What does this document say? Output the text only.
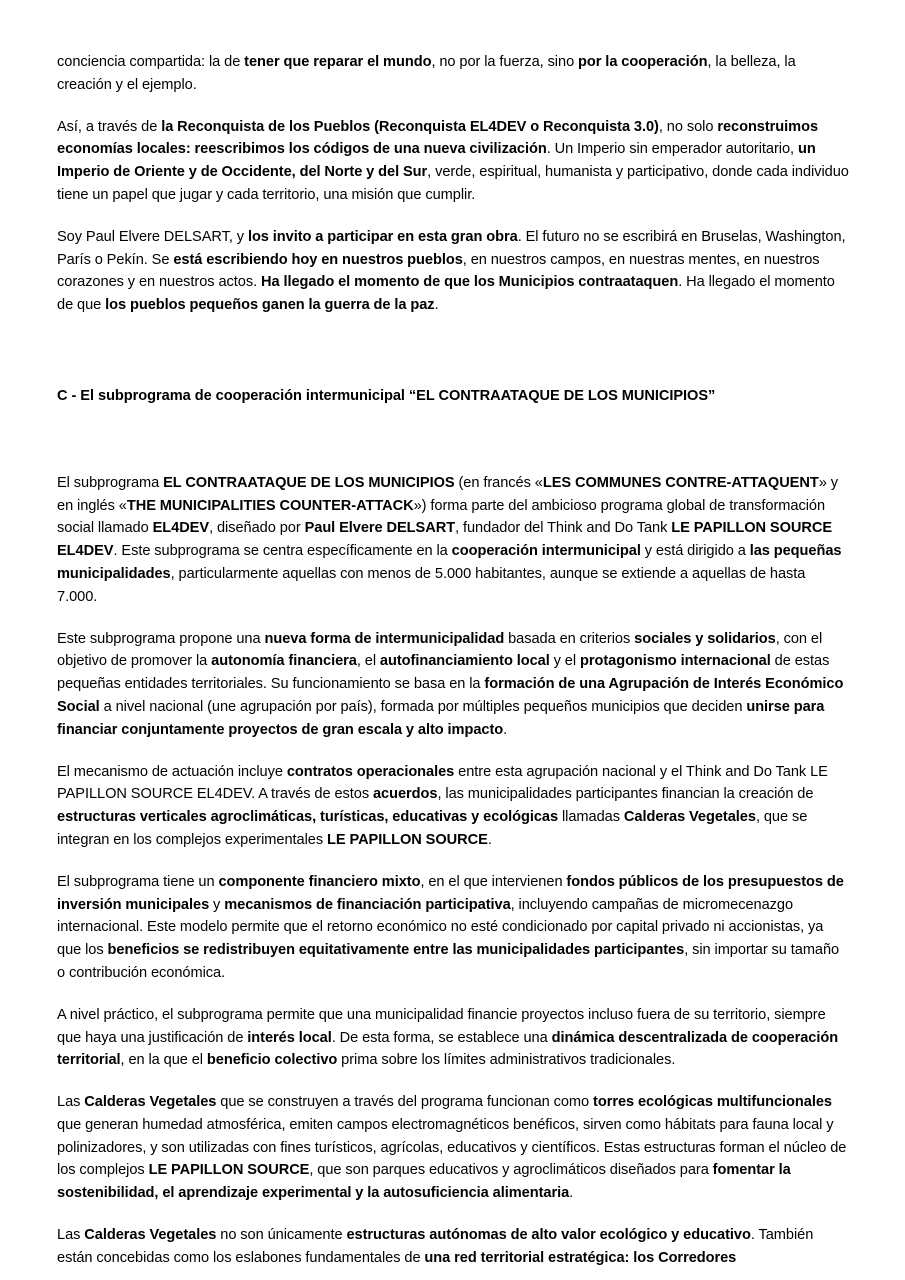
conciencia compartida: la de tener que reparar el mundo, no por la fuerza, sino por la cooperación, la belleza, la creación y el ejemplo.

Así, a través de la Reconquista de los Pueblos (Reconquista EL4DEV o Reconquista 3.0), no solo reconstruimos economías locales: reescribimos los códigos de una nueva civilización. Un Imperio sin emperador autoritario, un Imperio de Oriente y de Occidente, del Norte y del Sur, verde, espiritual, humanista y participativo, donde cada individuo tiene un papel que jugar y cada territorio, una misión que cumplir.

Soy Paul Elvere DELSART, y los invito a participar en esta gran obra. El futuro no se escribirá en Bruselas, Washington, París o Pekín. Se está escribiendo hoy en nuestros pueblos, en nuestros campos, en nuestras mentes, en nuestros corazones y en nuestros actos. Ha llegado el momento de que los Municipios contraataquen. Ha llegado el momento de que los pueblos pequeños ganen la guerra de la paz.

C - El subprograma de cooperación intermunicipal “EL CONTRAATAQUE DE LOS MUNICIPIOS”

El subprograma EL CONTRAATAQUE DE LOS MUNICIPIOS (en francés «LES COMMUNES CONTRE-ATTAQUENT» y en inglés «THE MUNICIPALITIES COUNTER-ATTACK») forma parte del ambicioso programa global de transformación social llamado EL4DEV, diseñado por Paul Elvere DELSART, fundador del Think and Do Tank LE PAPILLON SOURCE EL4DEV. Este subprograma se centra específicamente en la cooperación intermunicipal y está dirigido a las pequeñas municipalidades, particularmente aquellas con menos de 5.000 habitantes, aunque se extiende a aquellas de hasta 7.000.

Este subprograma propone una nueva forma de intermunicipalidad basada en criterios sociales y solidarios, con el objetivo de promover la autonomía financiera, el autofinanciamiento local y el protagonismo internacional de estas pequeñas entidades territoriales. Su funcionamiento se basa en la formación de una Agrupación de Interés Económico Social a nivel nacional (une agrupación por país), formada por múltiples pequeños municipios que deciden unirse para financiar conjuntamente proyectos de gran escala y alto impacto.

El mecanismo de actuación incluye contratos operacionales entre esta agrupación nacional y el Think and Do Tank LE PAPILLON SOURCE EL4DEV. A través de estos acuerdos, las municipalidades participantes financian la creación de estructuras verticales agroclimáticas, turísticas, educativas y ecológicas llamadas Calderas Vegetales, que se integran en los complejos experimentales LE PAPILLON SOURCE.

El subprograma tiene un componente financiero mixto, en el que intervienen fondos públicos de los presupuestos de inversión municipales y mecanismos de financiación participativa, incluyendo campañas de micromecenazgo internacional. Este modelo permite que el retorno económico no esté condicionado por capital privado ni accionistas, ya que los beneficios se redistribuyen equitativamente entre las municipalidades participantes, sin importar su tamaño o contribución económica.

A nivel práctico, el subprograma permite que una municipalidad financie proyectos incluso fuera de su territorio, siempre que haya una justificación de interés local. De esta forma, se establece una dinámica descentralizada de cooperación territorial, en la que el beneficio colectivo prima sobre los límites administrativos tradicionales.

Las Calderas Vegetales que se construyen a través del programa funcionan como torres ecológicas multifuncionales que generan humedad atmosférica, emiten campos electromagnéticos benéficos, sirven como hábitats para fauna local y polinizadores, y son utilizadas con fines turísticos, agrícolas, educativos y científicos. Estas estructuras forman el núcleo de los complejos LE PAPILLON SOURCE, que son parques educativos y agroclimáticos diseñados para fomentar la sostenibilidad, el aprendizaje experimental y la autosuficiencia alimentaria.

Las Calderas Vegetales no son únicamente estructuras autónomas de alto valor ecológico y educativo. También están concebidas como los eslabones fundamentales de una red territorial estratégica: los Corredores
